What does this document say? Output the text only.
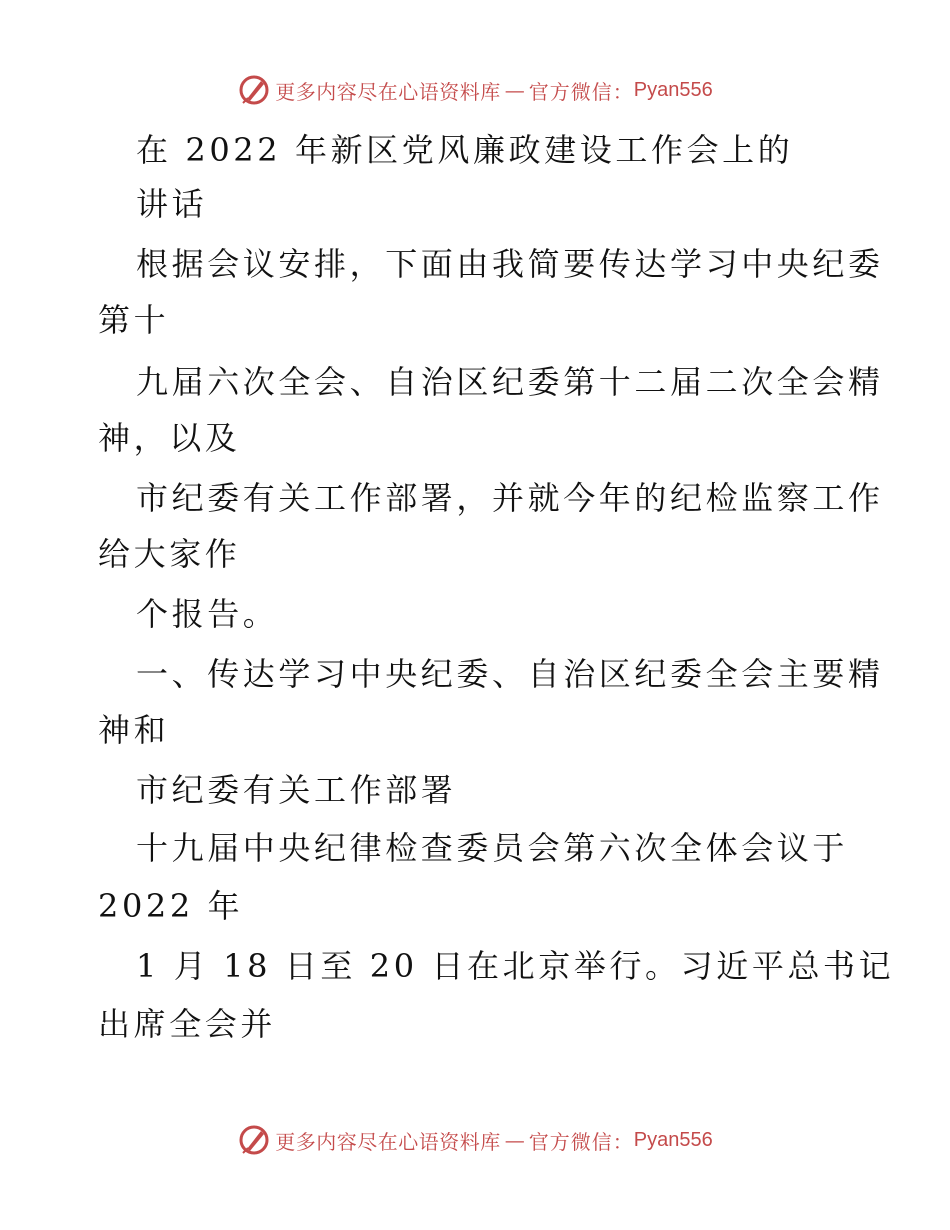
更多内容尽在心语资料库 — 官方微信： Pyan556
在 2022 年新区党风廉政建设工作会上的
讲话
根据会议安排，下面由我简要传达学习中央纪委
第十
九届六次全会、自治区纪委第十二届二次全会精
神，以及
市纪委有关工作部署，并就今年的纪检监察工作
给大家作
个报告。
一、传达学习中央纪委、自治区纪委全会主要精
神和
市纪委有关工作部署
十九届中央纪律检查委员会第六次全体会议于
2022 年
1 月 18 日至 20 日在北京举行。习近平总书记
出席全会并
更多内容尽在心语资料库 — 官方微信： Pyan556
